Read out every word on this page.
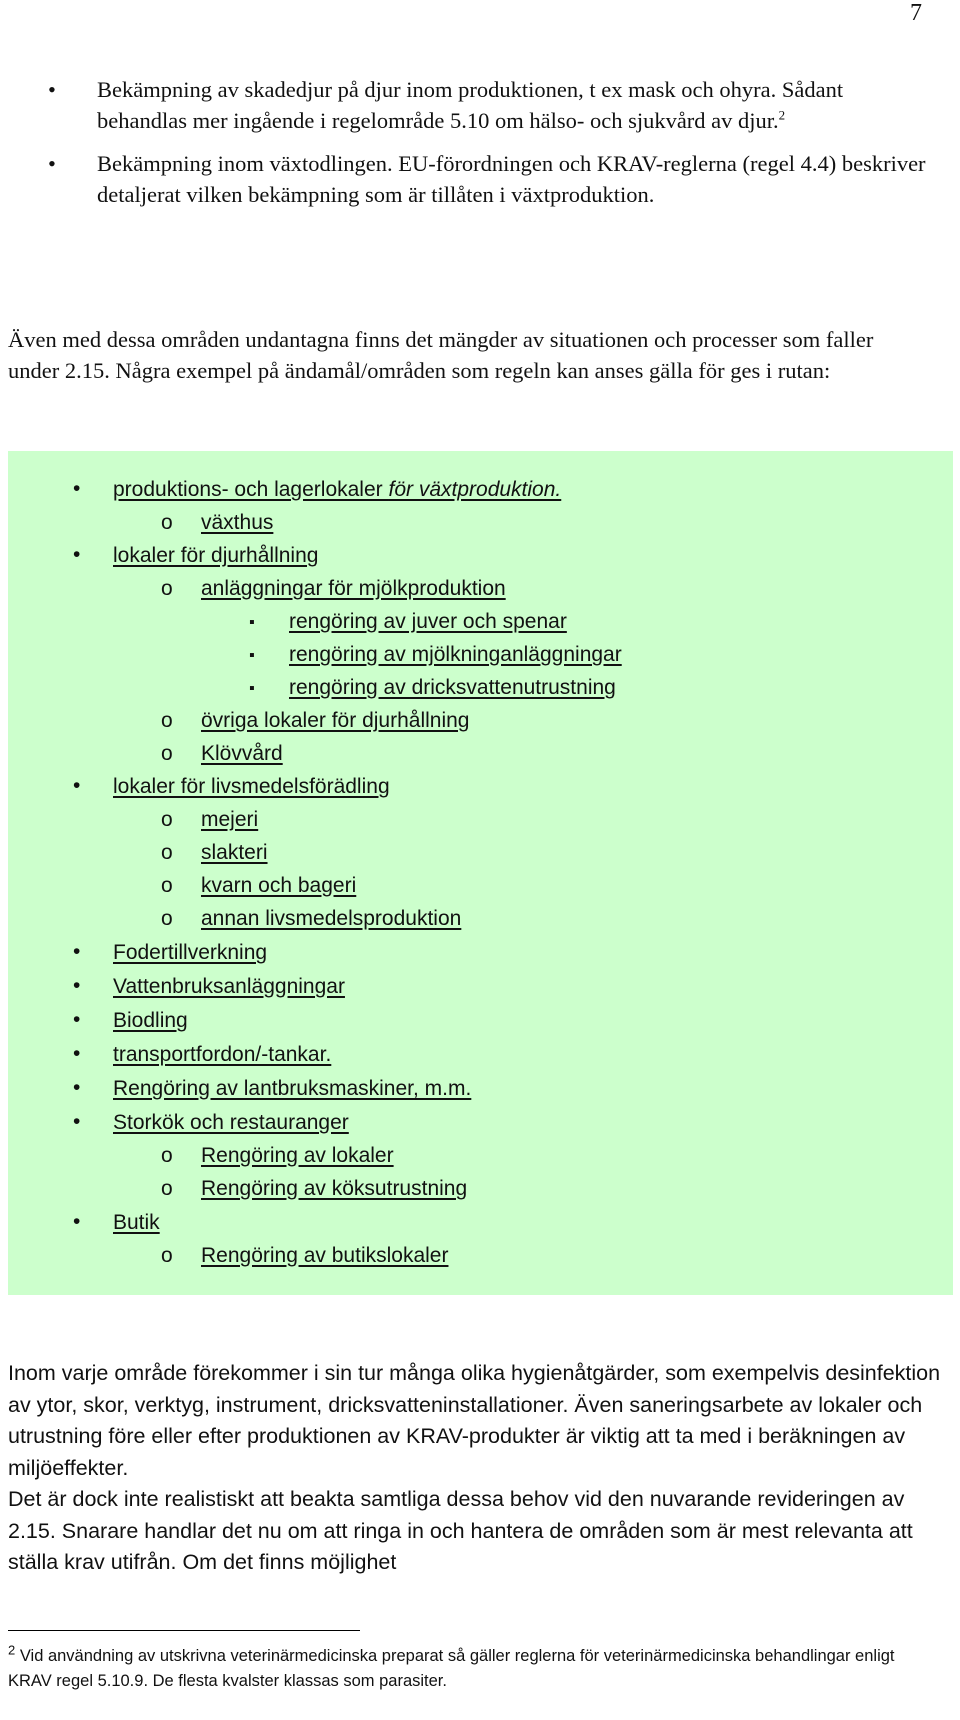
7
• Bekämpning av skadedjur på djur inom produktionen, t ex mask och ohyra. Sådant behandlas mer ingående i regelområde 5.10 om hälso- och sjukvård av djur.$^2$
• Bekämpning inom växtodlingen. EU-förordningen och KRAV-reglerna (regel 4.4) beskriver detaljerat vilken bekämpning som är tillåten i växtproduktion.
Även med dessa områden undantagna finns det mängder av situationen och processer som faller under 2.15. Några exempel på ändamål/områden som regeln kan anses gälla för ges i rutan:
• produktions- och lagerlokaler för växtproduktion.
o växthus
• lokaler för djurhållning
o anläggningar för mjölkproduktion
▪ rengöring av juver och spenar
▪ rengöring av mjölkninganläggningar
▪ rengöring av dricksvattenutrustning
o övriga lokaler för djurhållning
o Klövvård
• lokaler för livsmedelsförädling
o mejeri
o slakteri
o kvarn och bageri
o annan livsmedelsproduktion
• Fodertillverkning
• Vattenbruksanläggningar
• Biodling
• transportfordon/-tankar.
• Rengöring av lantbruksmaskiner, m.m.
• Storkök och restauranger
o Rengöring av lokaler
o Rengöring av köksutrustning
• Butik
o Rengöring av butikslokaler
Inom varje område förekommer i sin tur många olika hygienåtgärder, som exempelvis desinfektion av ytor, skor, verktyg, instrument, dricksvatteninstallationer. Även saneringsarbete av lokaler och utrustning före eller efter produktionen av KRAV-produkter är viktig att ta med i beräkningen av miljöeffekter.
Det är dock inte realistiskt att beakta samtliga dessa behov vid den nuvarande revideringen av 2.15. Snarare handlar det nu om att ringa in och hantera de områden som är mest relevanta att ställa krav utifrån. Om det finns möjlighet
$^2$ Vid användning av utskrivna veterinärmedicinska preparat så gäller reglerna för veterinärmedicinska behandlingar enligt KRAV regel 5.10.9. De flesta kvalster klassas som parasiter.
